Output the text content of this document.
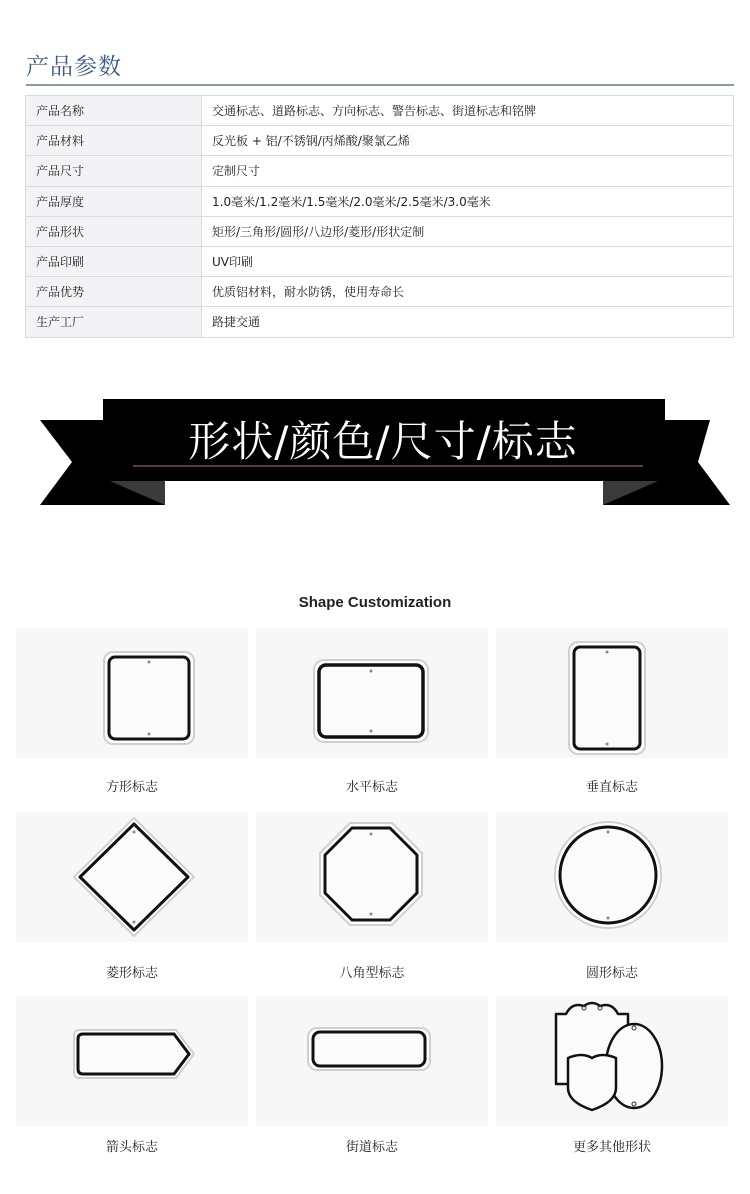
产品参数
产品名称	交通标志、道路标志、方向标志、警告标志、街道标志和铭牌
产品材料	反光板 + 铝/不锈钢/丙烯酸/聚氯乙烯
产品尺寸	定制尺寸
产品厚度	1.0毫米/1.2毫米/1.5毫米/2.0毫米/2.5毫米/3.0毫米
产品形状	矩形/三角形/圆形/八边形/菱形/形状定制
产品印刷	UV印刷
产品优势	优质铝材料，耐水防锈，使用寿命长
生产工厂	路捷交通
形状/颜色/尺寸/标志
Shape Customization
方形标志	水平标志	垂直标志
菱形标志	八角型标志	圆形标志
箭头标志	街道标志	更多其他形状
